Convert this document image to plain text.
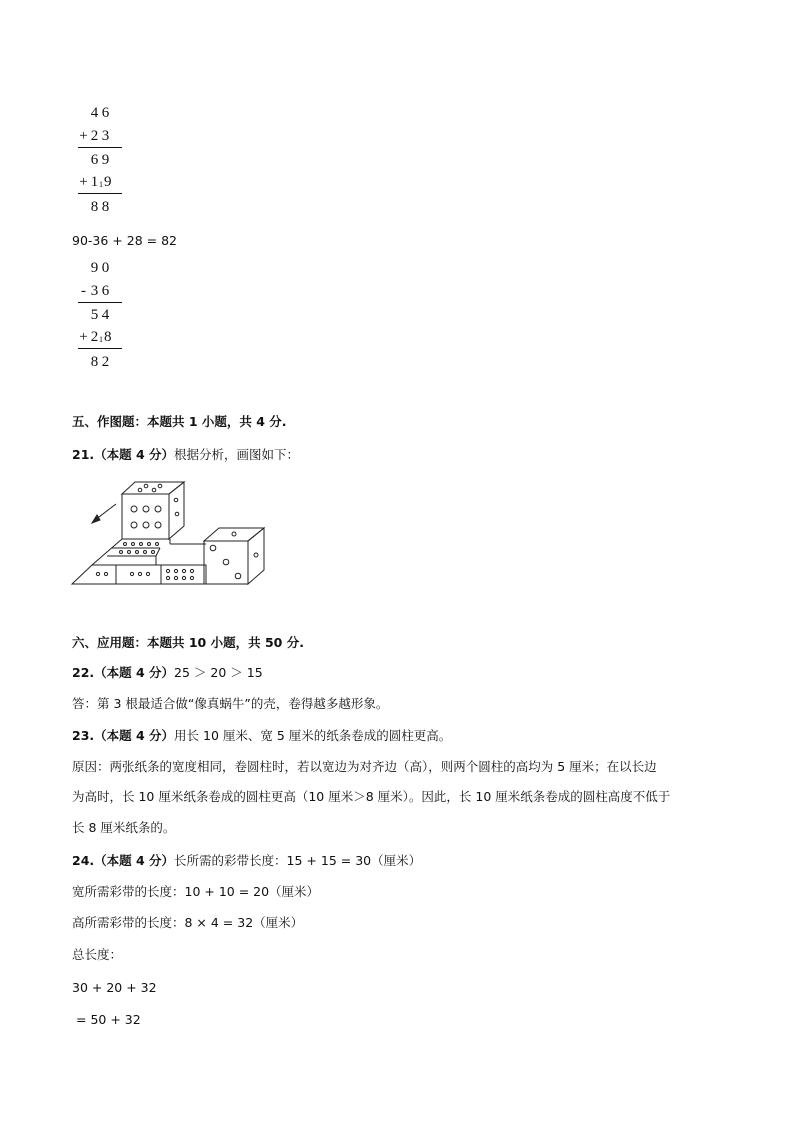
4 6
+ 2 3
6 9
+ 119
8 8
90-36 + 28 = 82
9 0
- 3 6
5 4
+ 218
8 2
五、作图题：本题共 1 小题，共 4 分.
21.（本题 4 分）根据分析，画图如下：
六、应用题：本题共 10 小题，共 50 分.
22.（本题 4 分）25 ＞ 20 ＞ 15
答：第 3 根最适合做“像真蜗牛”的壳，卷得越多越形象。
23.（本题 4 分）用长 10 厘米、宽 5 厘米的纸条卷成的圆柱更高。
原因：两张纸条的宽度相同，卷圆柱时，若以宽边为对齐边（高），则两个圆柱的高均为 5 厘米；在以长边
为高时，长 10 厘米纸条卷成的圆柱更高（10 厘米＞8 厘米）。因此，长 10 厘米纸条卷成的圆柱高度不低于
长 8 厘米纸条的。
24.（本题 4 分）长所需的彩带长度：15 + 15 = 30（厘米）
宽所需彩带的长度：10 + 10 = 20（厘米）
高所需彩带的长度：8 × 4 = 32（厘米）
总长度：
30 + 20 + 32
= 50 + 32
